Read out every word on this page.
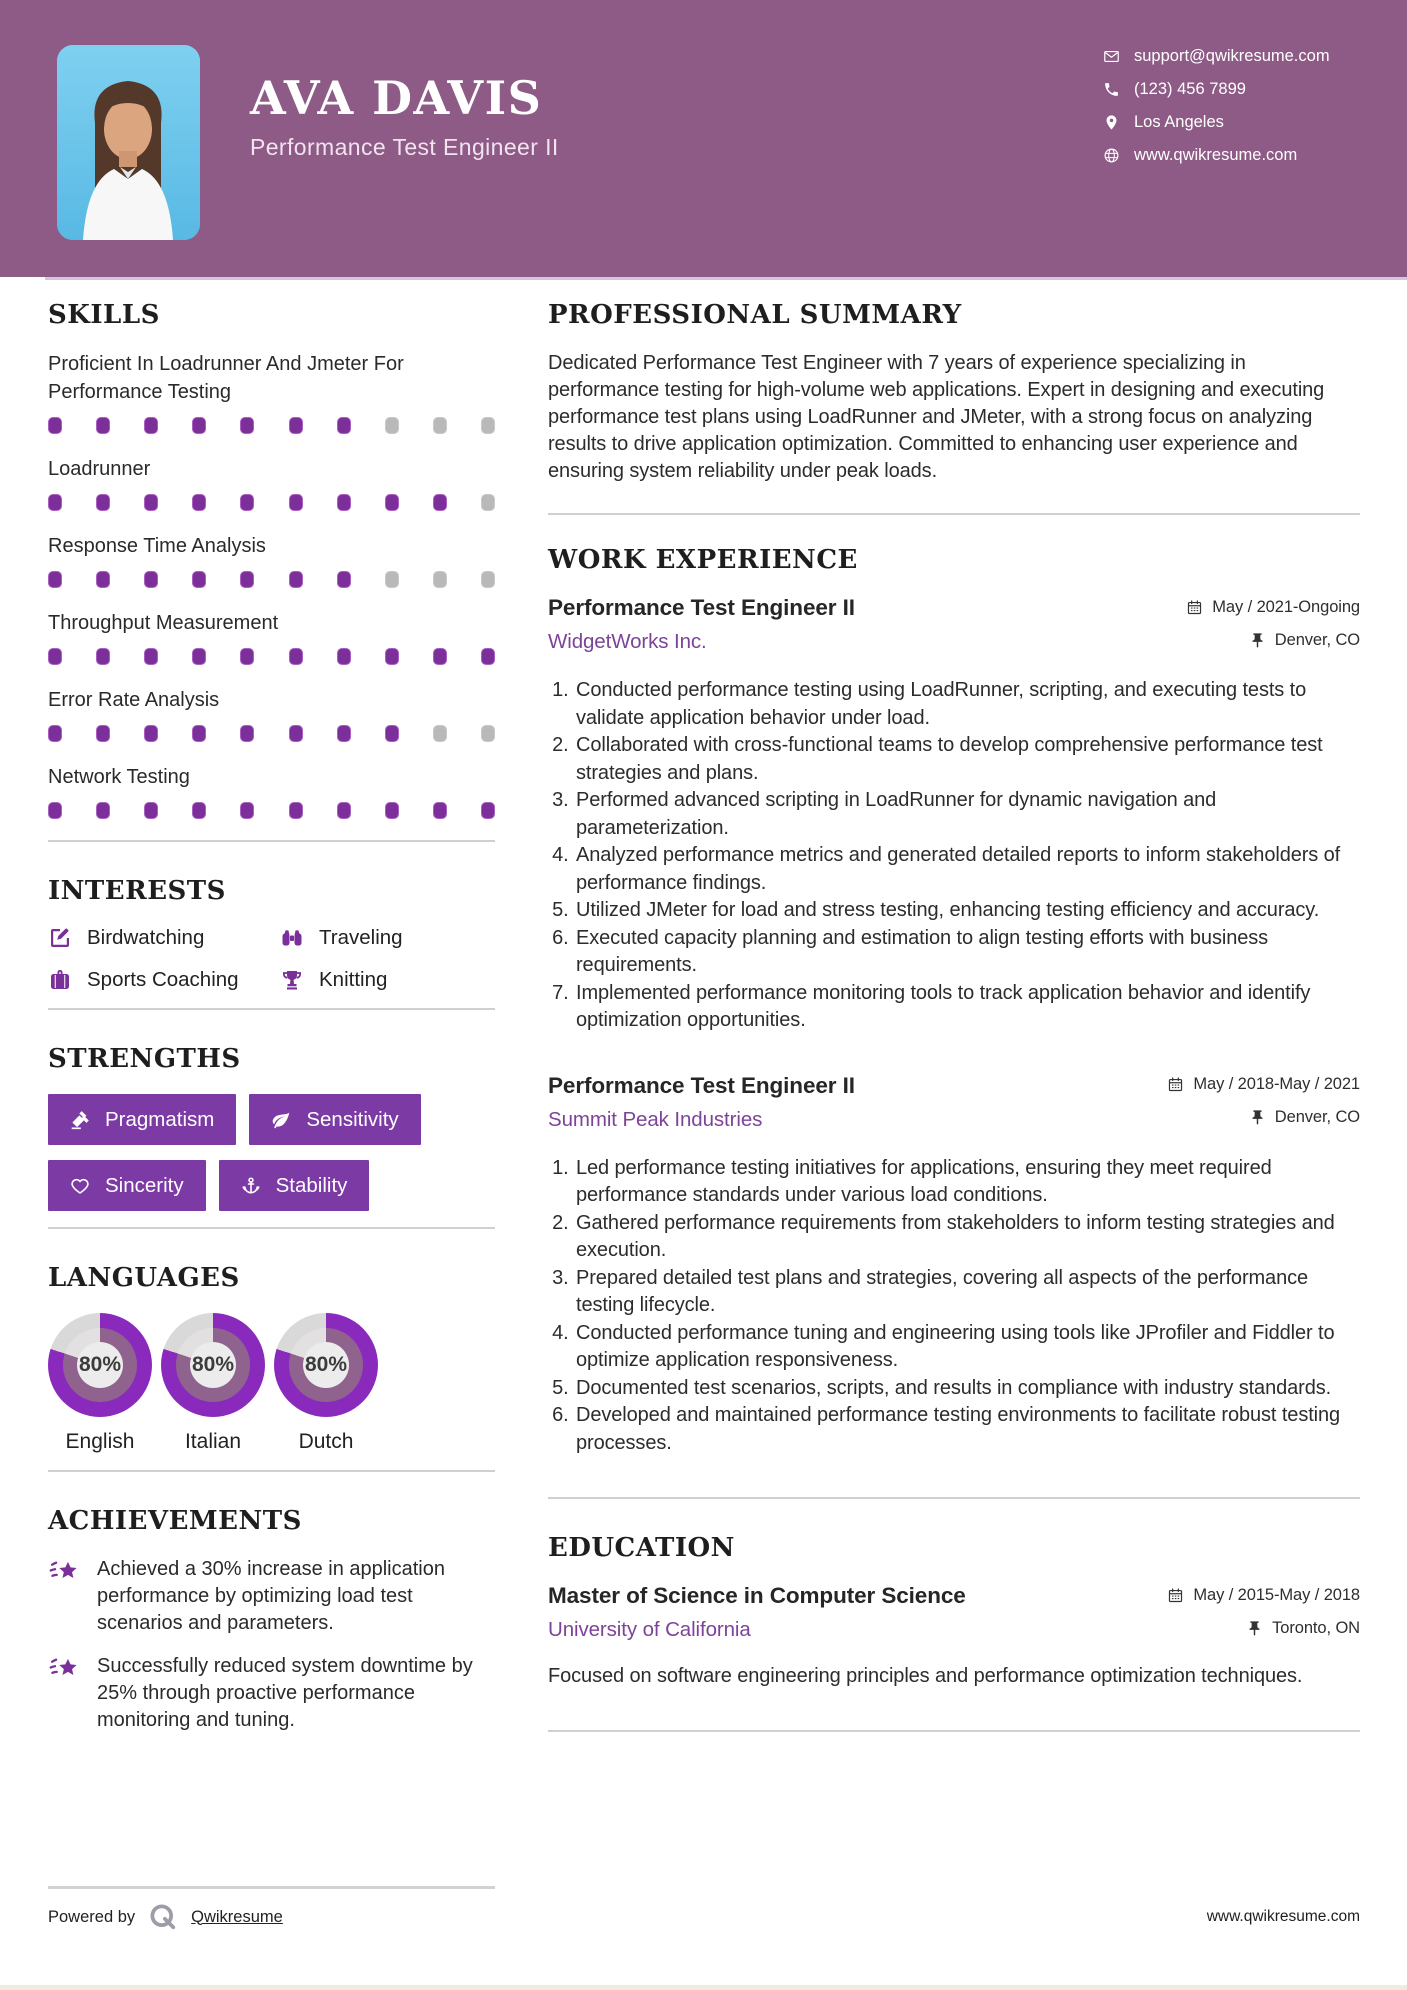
AVA DAVIS
Performance Test Engineer II
support@qwikresume.com
(123) 456 7899
Los Angeles
www.qwikresume.com
SKILLS
Proficient In Loadrunner And Jmeter For Performance Testing
Loadrunner
Response Time Analysis
Throughput Measurement
Error Rate Analysis
Network Testing
INTERESTS
Birdwatching	Traveling
Sports Coaching	Knitting
STRENGTHS
Pragmatism	Sensitivity
Sincerity	Stability
LANGUAGES
80%
English
80%
Italian
80%
Dutch
ACHIEVEMENTS
Achieved a 30% increase in application performance by optimizing load test scenarios and parameters.
Successfully reduced system downtime by 25% through proactive performance monitoring and tuning.
PROFESSIONAL SUMMARY

Dedicated Performance Test Engineer with 7 years of experience specializing in performance testing for high-volume web applications. Expert in designing and executing performance test plans using LoadRunner and JMeter, with a strong focus on analyzing results to drive application optimization. Committed to enhancing user experience and ensuring system reliability under peak loads.

WORK EXPERIENCE
Performance Test Engineer II
WidgetWorks Inc.
May / 2021-Ongoing
Denver, CO
1. Conducted performance testing using LoadRunner, scripting, and executing tests to validate application behavior under load.
2. Collaborated with cross-functional teams to develop comprehensive performance test strategies and plans.
3. Performed advanced scripting in LoadRunner for dynamic navigation and parameterization.
4. Analyzed performance metrics and generated detailed reports to inform stakeholders of performance findings.
5. Utilized JMeter for load and stress testing, enhancing testing efficiency and accuracy.
6. Executed capacity planning and estimation to align testing efforts with business requirements.
7. Implemented performance monitoring tools to track application behavior and identify optimization opportunities.
Performance Test Engineer II
Summit Peak Industries
May / 2018-May / 2021
Denver, CO
1. Led performance testing initiatives for applications, ensuring they meet required performance standards under various load conditions.
2. Gathered performance requirements from stakeholders to inform testing strategies and execution.
3. Prepared detailed test plans and strategies, covering all aspects of the performance testing lifecycle.
4. Conducted performance tuning and engineering using tools like JProfiler and Fiddler to optimize application responsiveness.
5. Documented test scenarios, scripts, and results in compliance with industry standards.
6. Developed and maintained performance testing environments to facilitate robust testing processes.
EDUCATION
Master of Science in Computer Science
University of California
May / 2015-May / 2018
Toronto, ON

Focused on software engineering principles and performance optimization techniques.

Powered by	Qwikresume	www.qwikresume.com
